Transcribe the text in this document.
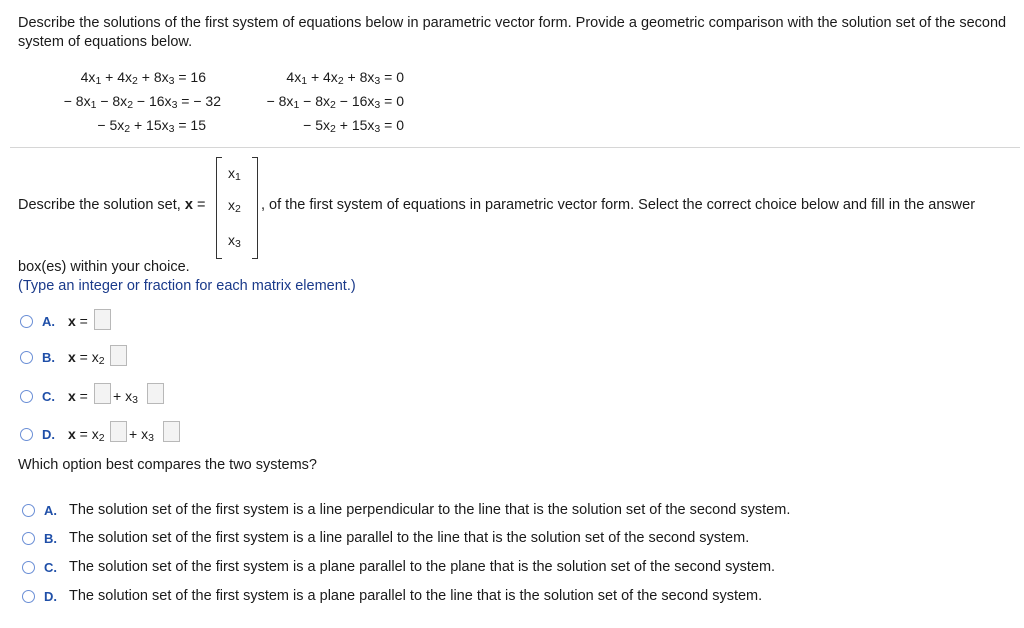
Describe the solutions of the first system of equations below in parametric vector form. Provide a geometric comparison with the solution set of the second system of equations below.
$4x_1 + 4x_2 + 8x_3 = 16$
− $8x_1 - 8x_2 - 16x_3$ = − 32
− $5x_2 + 15x_3 = 15$
$4x_1 + 4x_2 + 8x_3 = 0$
− $8x_1 - 8x_2 - 16x_3 = 0$
− $5x_2 + 15x_3 = 0$
Describe the solution set, x =
$x_1$
$x_2$
$x_3$
, of the first system of equations in parametric vector form. Select the correct choice below and fill in the answer
box(es) within your choice.
(Type an integer or fraction for each matrix element.)
A. x =
B. $x = x_2$
C. x = + $x_3$
D. $x = x_2 + x_3$
Which option best compares the two systems?
A. The solution set of the first system is a line perpendicular to the line that is the solution set of the second system.
B. The solution set of the first system is a line parallel to the line that is the solution set of the second system.
C. The solution set of the first system is a plane parallel to the plane that is the solution set of the second system.
D. The solution set of the first system is a plane parallel to the line that is the solution set of the second system.
